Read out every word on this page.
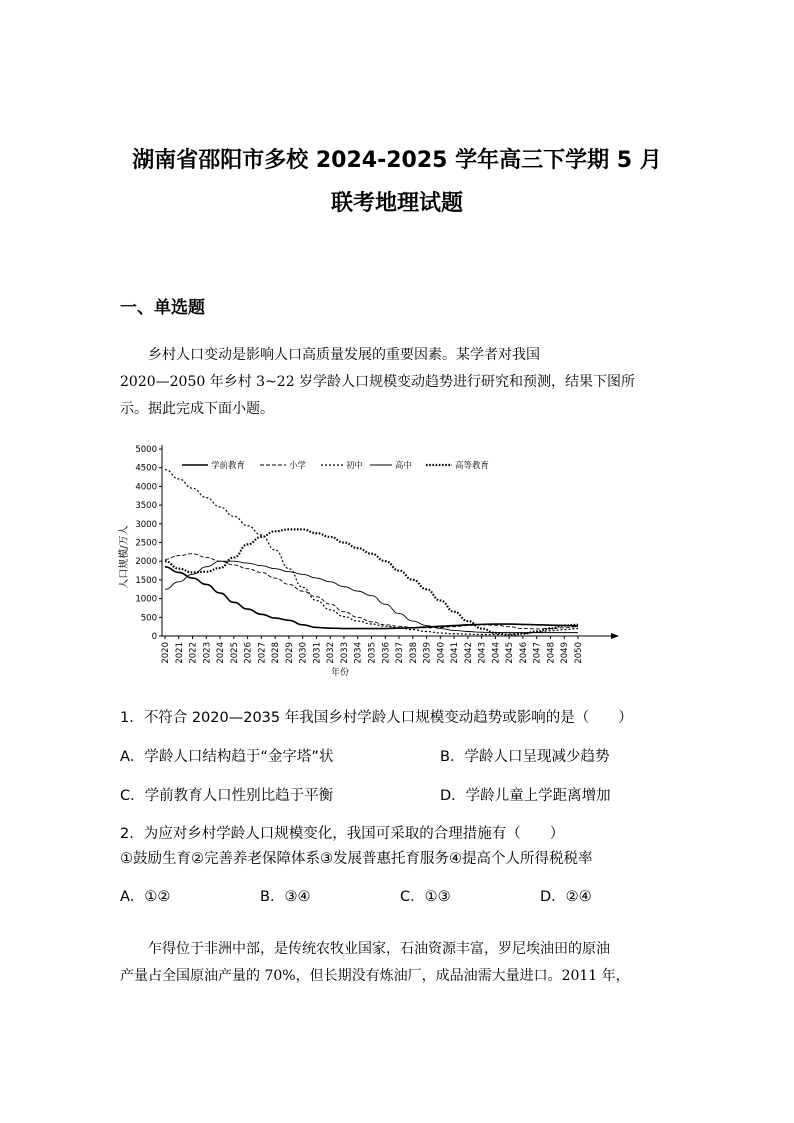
湖南省邵阳市多校 2024-2025 学年高三下学期 5 月
联考地理试题
一、单选题
乡村人口变动是影响人口高质量发展的重要因素。某学者对我国
2020—2050 年乡村 3~22 岁学龄人口规模变动趋势进行研究和预测，结果下图所
示。据此完成下面小题。
0
500
1000
1500
2000
2500
3000
3500
4000
4500
5000
2020 2021 2022 2023 2024 2025 2026 2027 2028 2029 2030 2031 2032 2033 2034 2035 2036 2037 2038 2039 2040 2041 2042 2043 2044 2045 2046 2047 2048 2049 2050
学前教育	小学	初中	高中	高等教育
人口规模/万人
年份
1．不符合 2020—2035 年我国乡村学龄人口规模变动趋势或影响的是（　　）
A．学龄人口结构趋于“金字塔”状	B．学龄人口呈现减少趋势
C．学前教育人口性别比趋于平衡	D．学龄儿童上学距离增加
2．为应对乡村学龄人口规模变化，我国可采取的合理措施有（　　）
①鼓励生育②完善养老保障体系③发展普惠托育服务④提高个人所得税税率
A．①②	B．③④	C．①③	D．②④
乍得位于非洲中部，是传统农牧业国家，石油资源丰富，罗尼埃油田的原油
产量占全国原油产量的 70%，但长期没有炼油厂，成品油需大量进口。2011 年，
